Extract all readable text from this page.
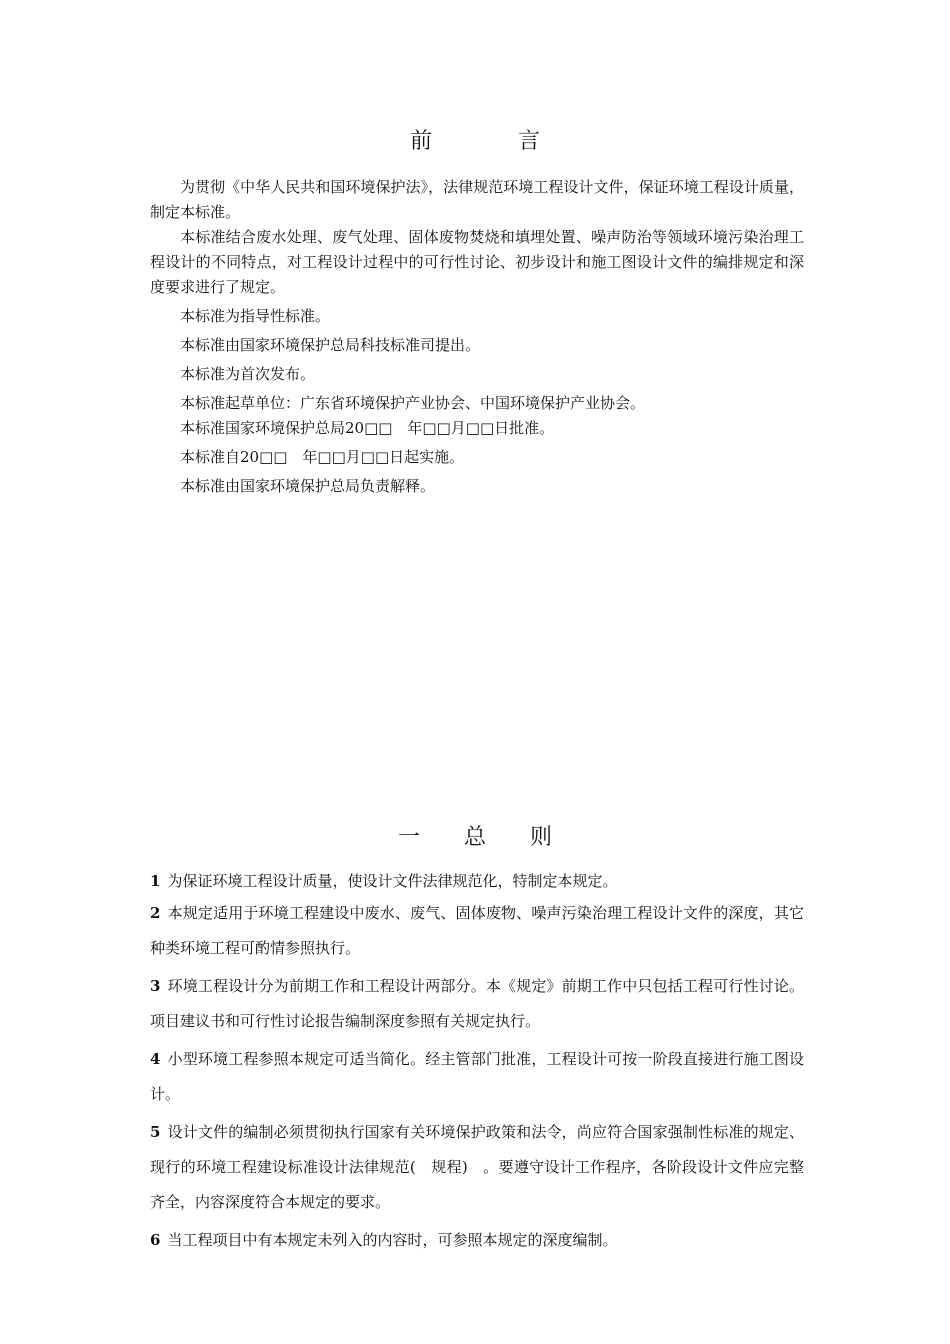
前言

为贯彻《中华人民共和国环境保护法》，法律规范环境工程设计文件，保证环境工程设计质量，制定本标准。

本标准结合废水处理、废气处理、固体废物焚烧和填埋处置、噪声防治等领域环境污染治理工程设计的不同特点，对工程设计过程中的可行性讨论、初步设计和施工图设计文件的编排规定和深度要求进行了规定。

本标准为指导性标准。

本标准由国家环境保护总局科技标准司提出。

本标准为首次发布。

本标准起草单位：广东省环境保护产业协会、中国环境保护产业协会。

本标准国家环境保护总局20□□　年□□月□□日批准。

本标准自20□□　年□□月□□日起实施。

本标准由国家环境保护总局负责解释。

一总则

1 为保证环境工程设计质量，使设计文件法律规范化，特制定本规定。

2 本规定适用于环境工程建设中废水、废气、固体废物、噪声污染治理工程设计文件的深度，其它种类环境工程可酌情参照执行。

3 环境工程设计分为前期工作和工程设计两部分。本《规定》前期工作中只包括工程可行性讨论。项目建议书和可行性讨论报告编制深度参照有关规定执行。

4 小型环境工程参照本规定可适当简化。经主管部门批准，工程设计可按一阶段直接进行施工图设计。

5 设计文件的编制必须贯彻执行国家有关环境保护政策和法令，尚应符合国家强制性标准的规定、现行的环境工程建设标准设计法律规范(　规程)　。要遵守设计工作程序，各阶段设计文件应完整齐全，内容深度符合本规定的要求。

6 当工程项目中有本规定未列入的内容时，可参照本规定的深度编制。
